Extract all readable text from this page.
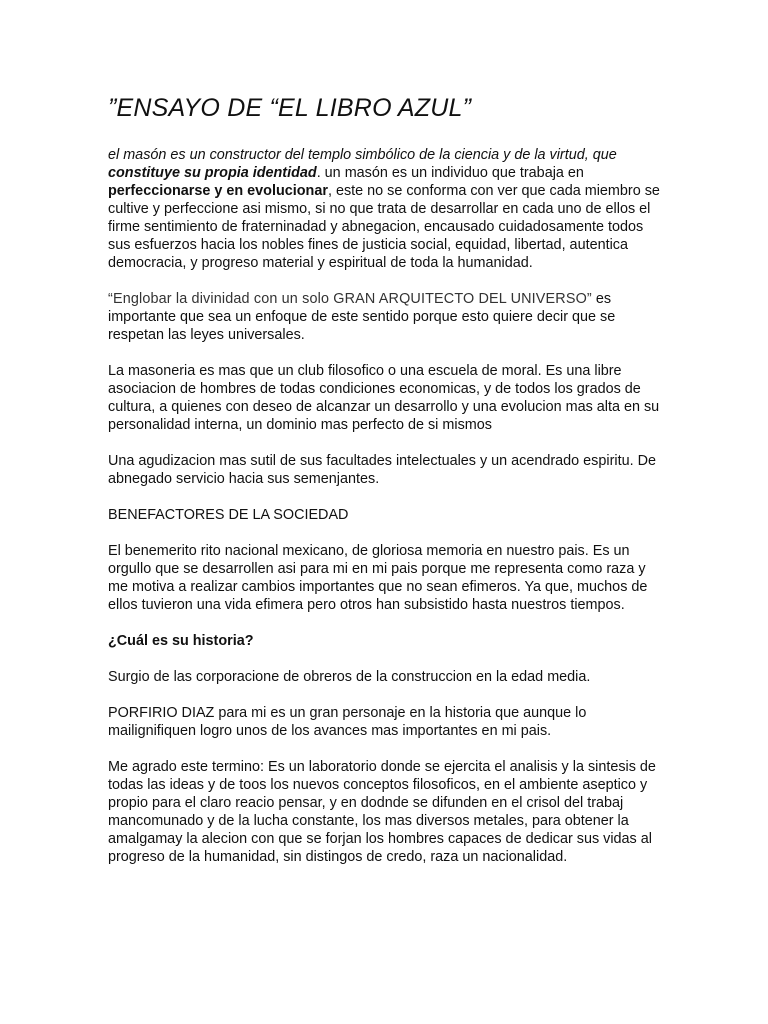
”ENSAYO DE “EL LIBRO AZUL”

el masón es un constructor del templo simbólico de la ciencia y de la virtud, que
constituye su propia identidad. un masón es un individuo que trabaja en
perfeccionarse y en evolucionar, este no se conforma con ver que cada miembro se cultive y perfeccione asi mismo, si no que trata de desarrollar en cada uno de ellos el firme sentimiento de fraterninadad y abnegacion, encausado cuidadosamente todos sus esfuerzos hacia los nobles fines de justicia social, equidad, libertad, autentica democracia, y progreso material y espiritual de toda la humanidad.

“Englobar la divinidad con un solo GRAN ARQUITECTO DEL UNIVERSO” es importante que sea un enfoque de este sentido porque esto quiere decir que se respetan las leyes universales.

La masoneria es mas que un club filosofico o una escuela de moral. Es una libre asociacion de hombres de todas condiciones economicas, y de todos los grados de cultura, a quienes con deseo de alcanzar un desarrollo y una evolucion mas alta en su personalidad interna, un dominio mas perfecto de si mismos

Una agudizacion mas sutil de sus facultades intelectuales y un acendrado espiritu. De abnegado servicio hacia sus semenjantes.

BENEFACTORES DE LA SOCIEDAD

El benemerito rito nacional mexicano, de gloriosa memoria en nuestro pais. Es un orgullo que se desarrollen asi para mi en mi pais porque me representa como raza y me motiva a realizar cambios importantes que no sean efimeros. Ya que, muchos de ellos tuvieron una vida efimera pero otros han subsistido hasta nuestros tiempos.

¿Cuál es su historia?

Surgio de las corporacione de obreros de la construccion en la edad media.

PORFIRIO DIAZ para mi es un gran personaje en la historia que aunque lo mailignifiquen logro unos de los avances mas importantes en mi pais.

Me agrado este termino: Es un laboratorio donde se ejercita el analisis y la sintesis de todas las ideas y de toos los nuevos conceptos filosoficos, en el ambiente aseptico y propio para el claro reacio pensar, y en dodnde se difunden en el crisol del trabaj mancomunado y de la lucha constante, los mas diversos metales, para obtener la amalgamay la alecion con que se forjan los hombres capaces de dedicar sus vidas al progreso de la humanidad, sin distingos de credo, raza un nacionalidad.
